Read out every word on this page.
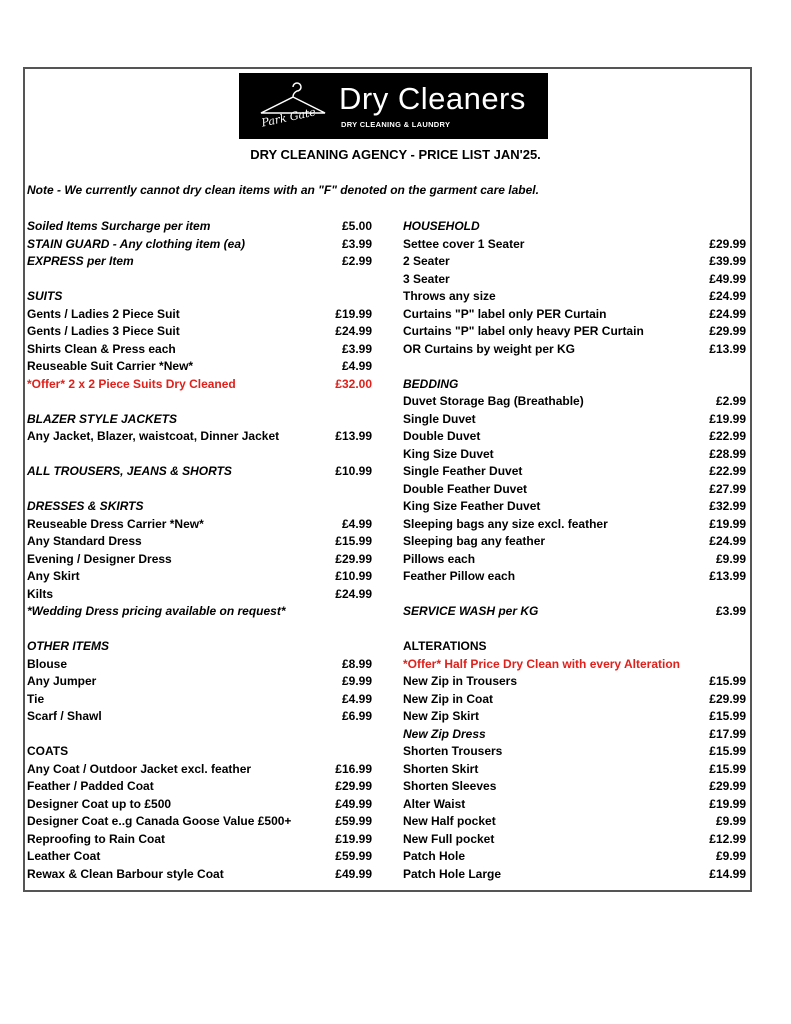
Park Gate
Dry Cleaners
DRY CLEANING & LAUNDRY
DRY CLEANING AGENCY - PRICE LIST JAN'25.
Note - We currently cannot dry clean items with an "F" denoted on the garment care label.
Soiled Items Surcharge per item	£5.00
STAIN GUARD - Any clothing item (ea)	£3.99
EXPRESS per Item	£2.99
SUITS
Gents / Ladies 2 Piece Suit	£19.99
Gents / Ladies 3 Piece Suit	£24.99
Shirts Clean & Press each	£3.99
Reuseable Suit Carrier *New*	£4.99
*Offer* 2 x 2 Piece Suits Dry Cleaned	£32.00
BLAZER STYLE JACKETS
Any Jacket, Blazer, waistcoat, Dinner Jacket	£13.99
ALL TROUSERS, JEANS & SHORTS	£10.99
DRESSES & SKIRTS
Reuseable Dress Carrier *New*	£4.99
Any Standard Dress	£15.99
Evening / Designer Dress	£29.99
Any Skirt	£10.99
Kilts	£24.99
*Wedding Dress pricing available on request*
OTHER ITEMS
Blouse	£8.99
Any Jumper	£9.99
Tie	£4.99
Scarf / Shawl	£6.99
COATS
Any Coat / Outdoor Jacket excl. feather	£16.99
Feather / Padded Coat	£29.99
Designer Coat up to £500	£49.99
Designer Coat e..g Canada Goose Value £500+	£59.99
Reproofing to Rain Coat	£19.99
Leather Coat	£59.99
Rewax & Clean Barbour style Coat	£49.99
HOUSEHOLD
Settee cover 1 Seater	£29.99
2 Seater	£39.99
3 Seater	£49.99
Throws any size	£24.99
Curtains "P" label only PER Curtain	£24.99
Curtains "P" label only heavy PER Curtain	£29.99
OR Curtains by weight per KG	£13.99
BEDDING
Duvet Storage Bag (Breathable)	£2.99
Single Duvet	£19.99
Double Duvet	£22.99
King Size Duvet	£28.99
Single Feather Duvet	£22.99
Double Feather Duvet	£27.99
King Size Feather Duvet	£32.99
Sleeping bags any size excl. feather	£19.99
Sleeping bag any feather	£24.99
Pillows each	£9.99
Feather Pillow each	£13.99
SERVICE WASH per KG	£3.99
ALTERATIONS
*Offer* Half Price Dry Clean with every Alteration
New Zip in Trousers	£15.99
New Zip in Coat	£29.99
New Zip Skirt	£15.99
New Zip Dress	£17.99
Shorten Trousers	£15.99
Shorten Skirt	£15.99
Shorten Sleeves	£29.99
Alter Waist	£19.99
New Half pocket	£9.99
New Full pocket	£12.99
Patch Hole	£9.99
Patch Hole Large	£14.99
